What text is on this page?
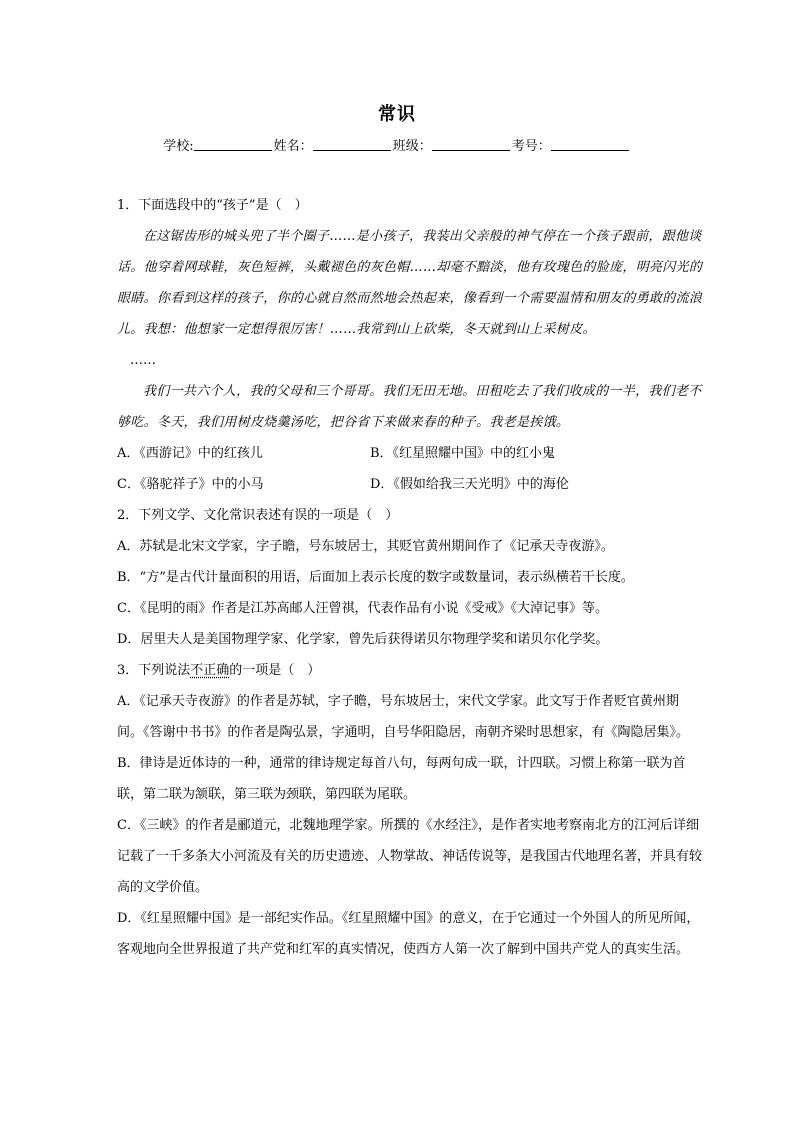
常识
学校:	姓名：	班级：	考号：
1．下面选段中的“孩子”是（　）

在这锯齿形的城头兜了半个圈子……是小孩子，我装出父亲般的神气停在一个孩子跟前，跟他谈话。他穿着网球鞋，灰色短裤，头戴褪色的灰色帽……却毫不黯淡，他有玫瑰色的脸庞，明亮闪光的眼睛。你看到这样的孩子，你的心就自然而然地会热起来，像看到一个需要温情和朋友的勇敢的流浪儿。我想：他想家一定想得很厉害！……我常到山上砍柴，冬天就到山上采树皮。

……

我们一共六个人，我的父母和三个哥哥。我们无田无地。田租吃去了我们收成的一半，我们老不够吃。冬天，我们用树皮烧羹汤吃，把谷省下来做来春的种子。我老是挨饿。

A．《西游记》中的红孩儿	B．《红星照耀中国》中的红小鬼
C．《骆驼祥子》中的小马	D．《假如给我三天光明》中的海伦
2．下列文学、文化常识表述有误的一项是（　）

A．苏轼是北宋文学家，字子瞻，号东坡居士，其贬官黄州期间作了《记承天寺夜游》。

B．“方”是古代计量面积的用语，后面加上表示长度的数字或数量词，表示纵横若干长度。

C．《昆明的雨》作者是江苏高邮人汪曾祺，代表作品有小说《受戒》《大淖记事》等。

D．居里夫人是美国物理学家、化学家，曾先后获得诺贝尔物理学奖和诺贝尔化学奖。

3．下列说法不正确的一项是（　）

A．《记承天寺夜游》的作者是苏轼，字子瞻，号东坡居士，宋代文学家。此文写于作者贬官黄州期间。《答谢中书书》的作者是陶弘景，字通明，自号华阳隐居，南朝齐梁时思想家，有《陶隐居集》。

B．律诗是近体诗的一种，通常的律诗规定每首八句，每两句成一联，计四联。习惯上称第一联为首联，第二联为颔联，第三联为颈联，第四联为尾联。

C．《三峡》的作者是郦道元，北魏地理学家。所撰的《水经注》，是作者实地考察南北方的江河后详细记载了一千多条大小河流及有关的历史遗迹、人物掌故、神话传说等，是我国古代地理名著，并具有较高的文学价值。

D．《红星照耀中国》是一部纪实作品。《红星照耀中国》的意义，在于它通过一个外国人的所见所闻，客观地向全世界报道了共产党和红军的真实情况，使西方人第一次了解到中国共产党人的真实生活。
